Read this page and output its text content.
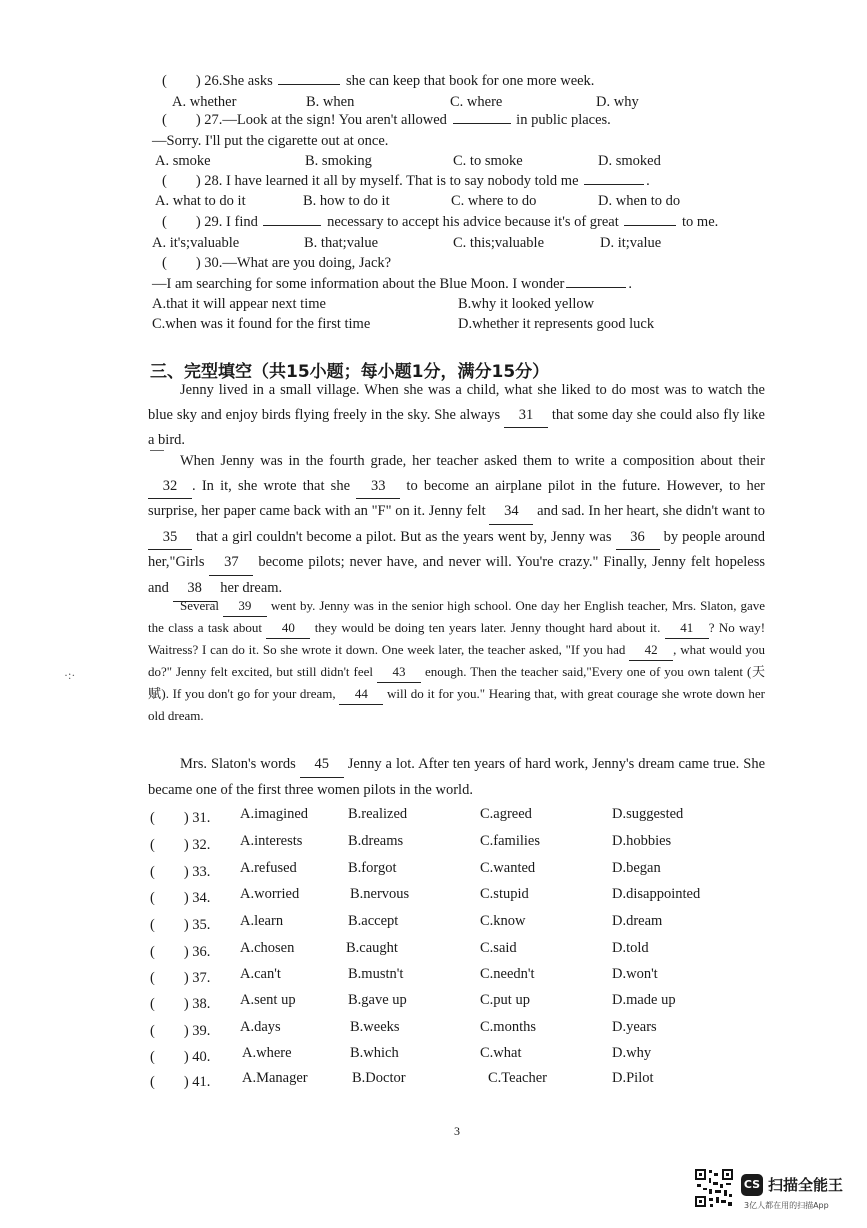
(　　) 26.She asks	she can keep that book for one more week.
A. whether	B. when	C. where	D. why
(　　) 27.—Look at the sign! You aren't allowed	in public places.
—Sorry. I'll put the cigarette out at once.
A. smoke	B. smoking	C. to smoke	D. smoked
(　　) 28. I have learned it all by myself. That is to say nobody told me	.
A. what to do it	B. how to do it	C. where to do	D. when to do
(　　) 29. I find	necessary to accept his advice because it's of great	to me.
A. it's;valuable	B. that;value	C. this;valuable	D. it;value
(　　) 30.—What are you doing, Jack?
—I am searching for some information about the Blue Moon. I wonder	.
A.that it will appear next time	B.why it looked yellow
C.when was it found for the first time	D.whether it represents good luck
三、完型填空（共15小题；每小题1分，满分15分）
Jenny lived in a small village. When she was a child, what she liked to do most was to watch the blue sky and enjoy birds flying freely in the sky. She always 31 that some day she could also fly like a bird.
When Jenny was in the fourth grade, her teacher asked them to write a composition about their 32 . In it, she wrote that she 33 to become an airplane pilot in the future. However, to her surprise, her paper came back with an "F" on it. Jenny felt 34 and sad. In her heart, she didn't want to 35 that a girl couldn't become a pilot. But as the years went by, Jenny was 36 by people around her,"Girls 37 become pilots; never have, and never will. You're crazy." Finally, Jenny felt hopeless and 38 her dream.
Several 39 went by. Jenny was in the senior high school. One day her English teacher, Mrs. Slaton, gave the class a task about 40 they would be doing ten years later. Jenny thought hard about it. 41 ? No way! Waitress? I can do it. So she wrote it down. One week later, the teacher asked, "If you had 42 , what would you do?" Jenny felt excited, but still didn't feel 43 enough. Then the teacher said,"Every one of you own talent (天赋). If you don't go for your dream, 44 will do it for you." Hearing that, with great courage she wrote down her old dream.
Mrs. Slaton's words 45 Jenny a lot. After ten years of hard work, Jenny's dream came true. She became one of the first three women pilots in the world.
·:·
(　　) 31. A.imagined	B.realized	C.agreed	D.suggested
(　　) 32. A.interests	B.dreams	C.families	D.hobbies
(　　) 33. A.refused	B.forgot	C.wanted	D.began
(　　) 34. A.worried	B.nervous	C.stupid	D.disappointed
(　　) 35. A.learn	B.accept	C.know	D.dream
(　　) 36. A.chosen	B.caught	C.said	D.told
(　　) 37. A.can't	B.mustn't	C.needn't	D.won't
(　　) 38. A.sent up	B.gave up	C.put up	D.made up
(　　) 39. A.days	B.weeks	C.months	D.years
(　　) 40. A.where	B.which	C.what	D.why
(　　) 41. A.Manager	B.Doctor	C.Teacher	D.Pilot
3
CS 扫描全能王
3亿人都在用的扫描App
